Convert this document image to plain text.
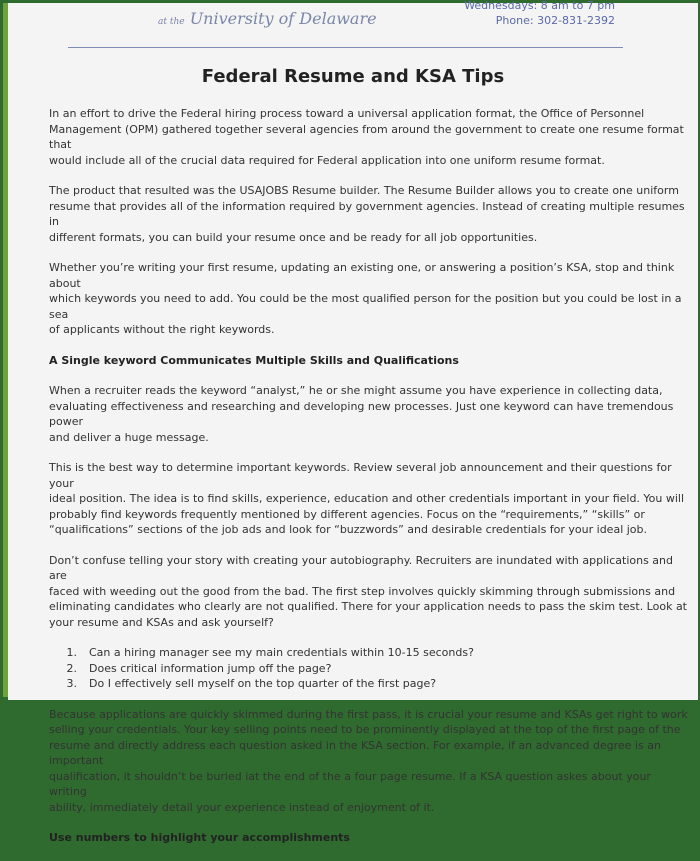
at the University of Delaware
Wednesdays: 8 am to 7 pm
Phone: 302-831-2392
Federal Resume and KSA Tips

In an effort to drive the Federal hiring process toward a universal application format, the Office of Personnel
Management (OPM) gathered together several agencies from around the government to create one resume format that
would include all of the crucial data required for Federal application into one uniform resume format.

The product that resulted was the USAJOBS Resume builder. The Resume Builder allows you to create one uniform
resume that provides all of the information required by government agencies. Instead of creating multiple resumes in
different formats, you can build your resume once and be ready for all job opportunities.

Whether you’re writing your first resume, updating an existing one, or answering a position’s KSA, stop and think about
which keywords you need to add. You could be the most qualified person for the position but you could be lost in a sea
of applicants without the right keywords.

A Single keyword Communicates Multiple Skills and Qualifications

When a recruiter reads the keyword “analyst,” he or she might assume you have experience in collecting data,
evaluating effectiveness and researching and developing new processes. Just one keyword can have tremendous power
and deliver a huge message.

This is the best way to determine important keywords. Review several job announcement and their questions for your
ideal position. The idea is to find skills, experience, education and other credentials important in your field. You will
probably find keywords frequently mentioned by different agencies. Focus on the “requirements,” “skills” or
“qualifications” sections of the job ads and look for “buzzwords” and desirable credentials for your ideal job.

Don’t confuse telling your story with creating your autobiography. Recruiters are inundated with applications and are
faced with weeding out the good from the bad. The first step involves quickly skimming through submissions and
eliminating candidates who clearly are not qualified. There for your application needs to pass the skim test. Look at
your resume and KSAs and ask yourself?

1.	Can a hiring manager see my main credentials within 10-15 seconds?
2.	Does critical information jump off the page?
3.	Do I effectively sell myself on the top quarter of the first page?

Because applications are quickly skimmed during the first pass, it is crucial your resume and KSAs get right to work
selling your credentials. Your key selling points need to be prominently displayed at the top of the first page of the
resume and directly address each question asked in the KSA section. For example, if an advanced degree is an important
qualification, it shouldn’t be buried iat the end of the a four page resume. If a KSA question askes about your writing
ability, immediately detail your experience instead of enjoyment of it.

Use numbers to highlight your accomplishments
